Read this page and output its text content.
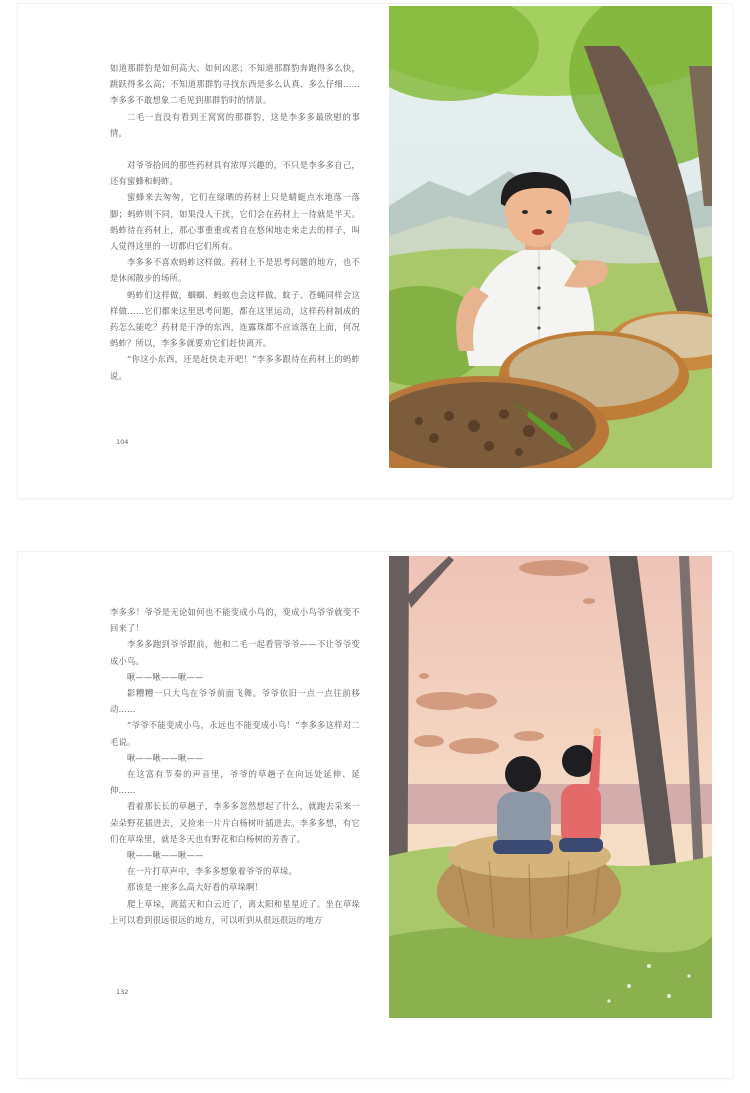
如道那群豹是如何高大、如何凶恶；不知道那群豹奔跑得多么快，跳跃得多么高；不知道那群豹寻找东西是多么认真、多么仔细……李多多不敢想象二毛见到那群豹时的情景。

二毛一直没有看到王窝窝的那群豹，这是李多多最欣慰的事情。

对爷爷拾回的那些药材具有浓厚兴趣的，不只是李多多自己，还有蜜蜂和蚂蚱。

蜜蜂来去匆匆，它们在绿晒的药材上只是蜻蜓点水地落一落脚；蚂蚱则不同，如果没人干扰，它们会在药材上一待就是半天。蚂蚱待在药材上，那心事重重或者自在悠闲地走来走去的样子，叫人觉得这里的一切都归它们所有。

李多多不喜欢蚂蚱这样做。药材上不是思考问题的地方，也不是休闲散步的场所。

蚂蚱们这样做，蝈蝈、蚂蚁也会这样做，蚊子、苍蝇同样会这样做……它们都来这里思考问题，都在这里运动，这样药材制成的药怎么能吃？药材是干净的东西，连露珠都不应该落在上面，何况蚂蚱？所以，李多多就要劝它们赶快离开。

“你这小东西，还是赶快走开吧！”李多多跟待在药材上的蚂蚱说。

104

李多多！爷爷是无论如何也不能变成小鸟的，变成小鸟爷爷就变不回来了！

李多多跑到爷爷跟前，他和二毛一起看管爷爷——不让爷爷变成小鸟。

啾——啾——啾——

影糟糟一只大鸟在爷爷前面飞舞。爷爷依旧一点一点往前移动……

“爷爷不能变成小鸟，永远也不能变成小鸟！”李多多这样对二毛说。

啾——啾——啾——

在这富有节奏的声音里，爷爷的草趟子在向远处延伸、延伸……

看着那长长的草趟子，李多多忽然想起了什么，就跑去采来一朵朵野花插进去，又捡来一片片白杨树叶插进去。李多多想，有它们在草垛里，就是冬天也有野花和白杨树的芳香了。

啾——啾——啾——

在一片打草声中，李多多想象着爷爷的草垛。

那该是一座多么高大好看的草垛啊！

爬上草垛，离蓝天和白云近了，离太阳和星星近了。坐在草垛上可以看到很远很远的地方，可以听到从很远很远的地方

132
